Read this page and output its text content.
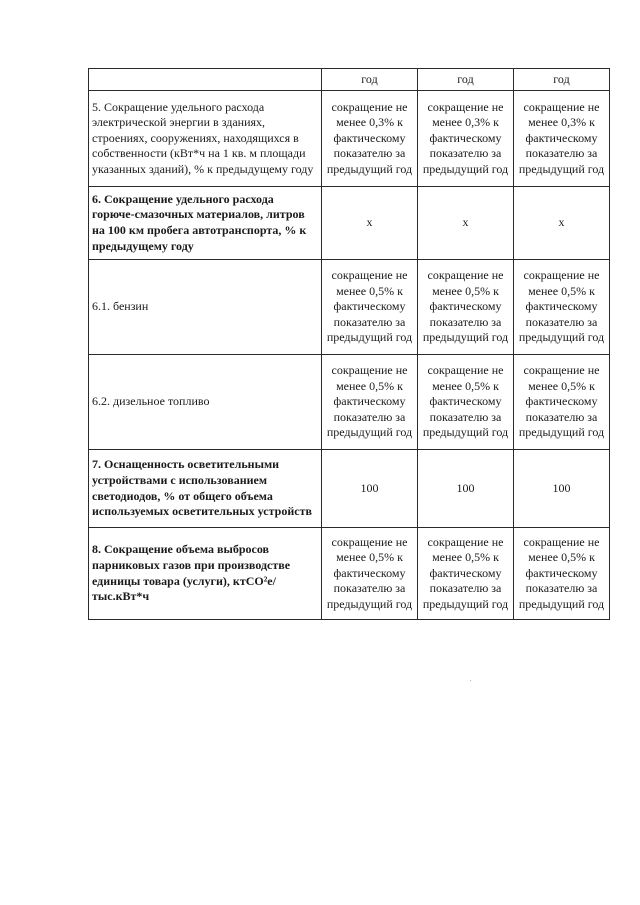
	год	год	год
5. Сокращение удельного расхода электрической энергии в зданиях, строениях, сооружениях, находящихся в собственности (кВт*ч на 1 кв. м площади указанных зданий), % к предыдущему году	сокращение не менее 0,3% к фактическому показателю за предыдущий год	сокращение не менее 0,3% к фактическому показателю за предыдущий год	сокращение не менее 0,3% к фактическому показателю за предыдущий год
6. Сокращение удельного расхода горюче-смазочных материалов, литров на 100 км пробега автотранспорта, % к предыдущему году	x	x	x
6.1. бензин	сокращение не менее 0,5% к фактическому показателю за предыдущий год	сокращение не менее 0,5% к фактическому показателю за предыдущий год	сокращение не менее 0,5% к фактическому показателю за предыдущий год
6.2. дизельное топливо	сокращение не менее 0,5% к фактическому показателю за предыдущий год	сокращение не менее 0,5% к фактическому показателю за предыдущий год	сокращение не менее 0,5% к фактическому показателю за предыдущий год
7. Оснащенность осветительными устройствами с использованием светодиодов, % от общего объема используемых осветительных устройств	100	100	100
8. Сокращение объема выбросов парниковых газов при производстве единицы товара (услуги), ктСО²е/тыс.кВт*ч	сокращение не менее 0,5% к фактическому показателю за предыдущий год	сокращение не менее 0,5% к фактическому показателю за предыдущий год	сокращение не менее 0,5% к фактическому показателю за предыдущий год
